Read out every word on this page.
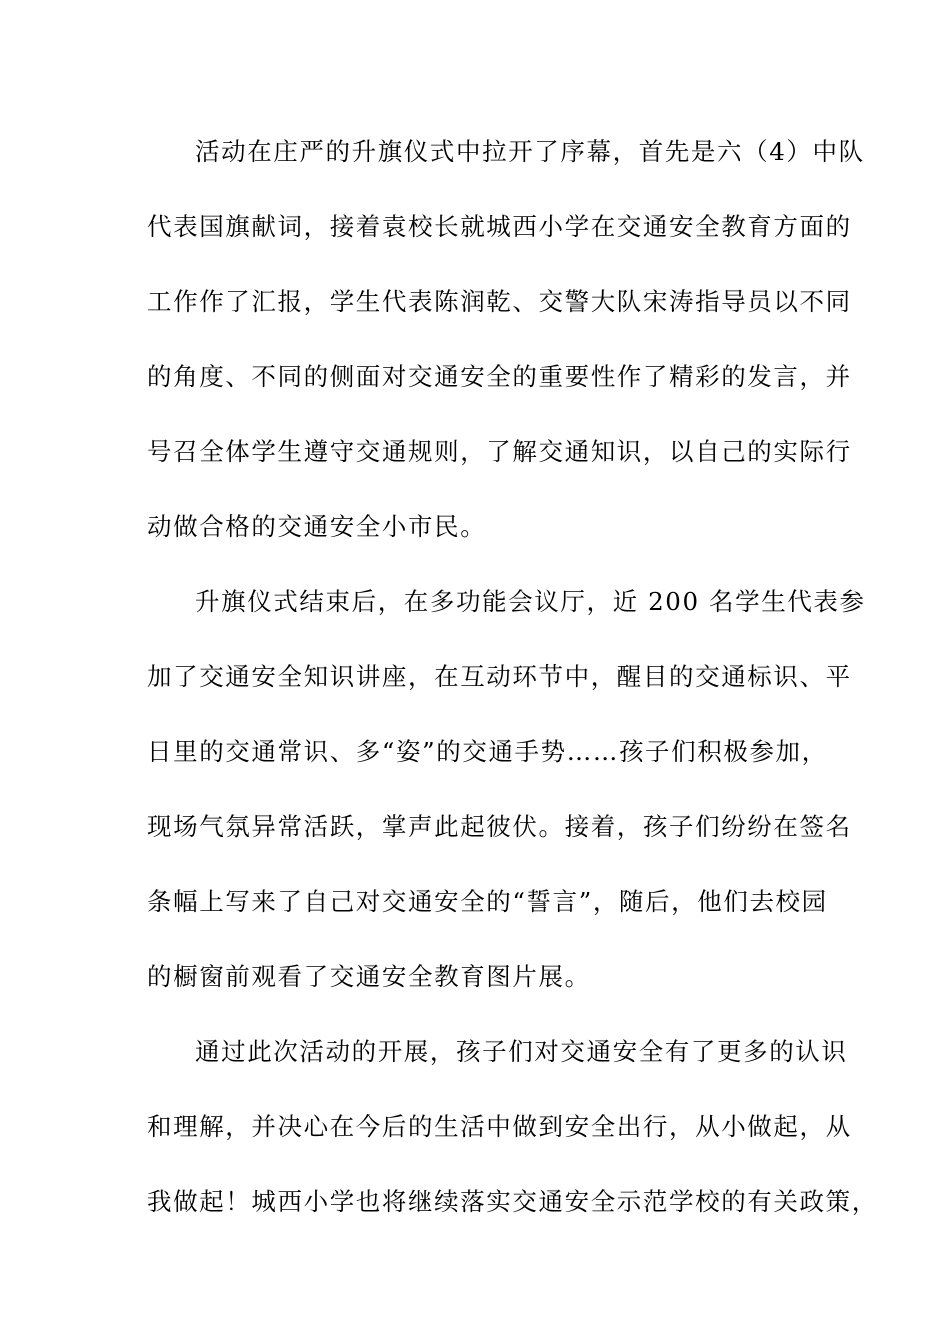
活动在庄严的升旗仪式中拉开了序幕，首先是六（4）中队
代表国旗献词，接着袁校长就城西小学在交通安全教育方面的
工作作了汇报，学生代表陈润乾、交警大队宋涛指导员以不同
的角度、不同的侧面对交通安全的重要性作了精彩的发言，并
号召全体学生遵守交通规则，了解交通知识，以自己的实际行
动做合格的交通安全小市民。
升旗仪式结束后，在多功能会议厅，近 200 名学生代表参
加了交通安全知识讲座，在互动环节中，醒目的交通标识、平
日里的交通常识、多“姿”的交通手势……孩子们积极参加，
现场气氛异常活跃，掌声此起彼伏。接着，孩子们纷纷在签名
条幅上写来了自己对交通安全的“誓言”，随后，他们去校园
的橱窗前观看了交通安全教育图片展。
通过此次活动的开展，孩子们对交通安全有了更多的认识
和理解，并决心在今后的生活中做到安全出行，从小做起，从
我做起！城西小学也将继续落实交通安全示范学校的有关政策，
